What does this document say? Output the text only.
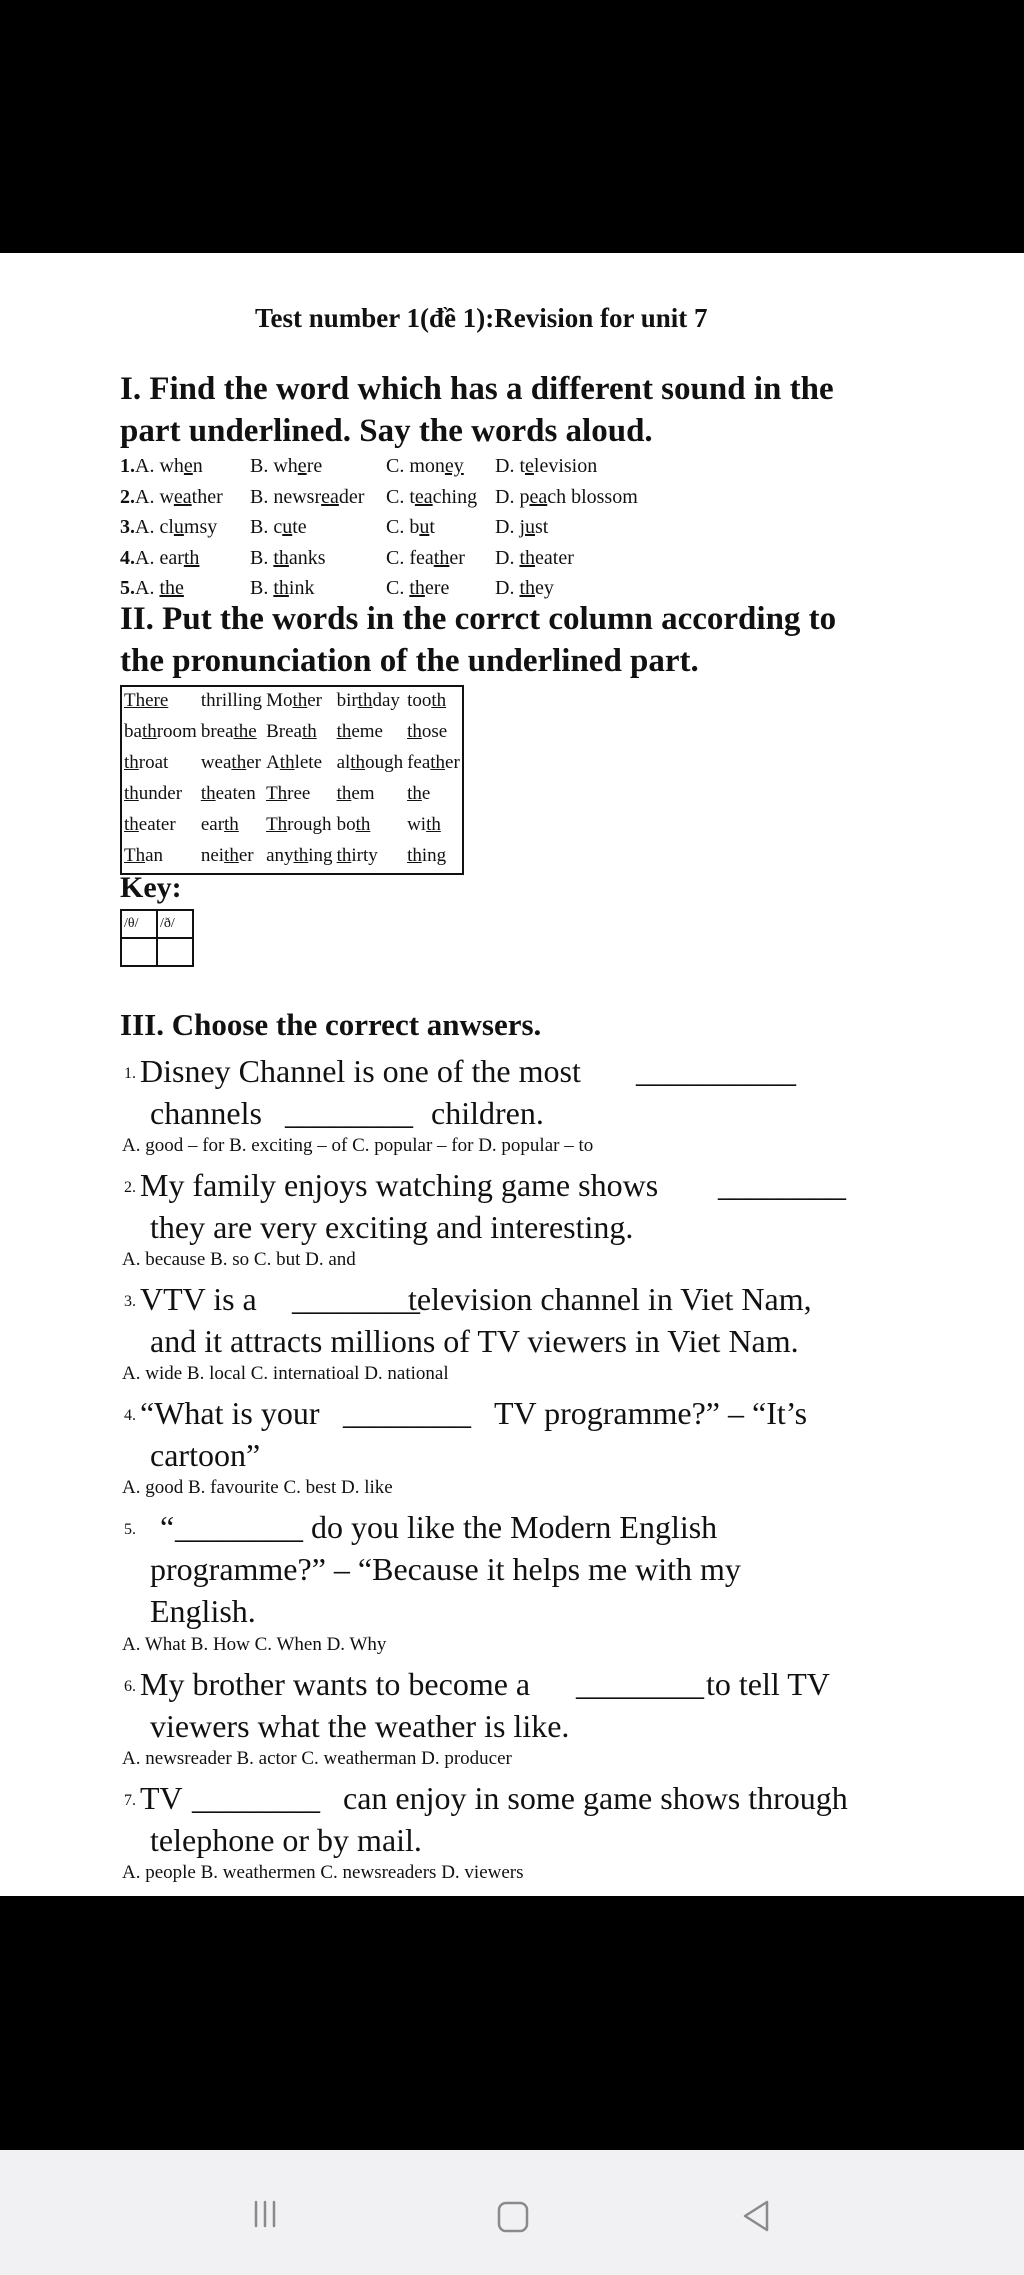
Test number 1(đề 1):Revision for unit 7
I. Find the word which has a different sound in the
part underlined. Say the words aloud.
1. A. when B. where	C. money D. television
2. A. weather B. newsreader C. teaching D. peach blossom
3. A. clumsy B. cute	C. but	D. just
4. A. earth	B. thanks	C. feather D. theater
5. A. the	B. think	C. there D. they
II. Put the words in the corrct column according to
the pronunciation of the underlined part.
There	thrilling	Mother	birthday	tooth
bathroom	breathe	Breath	theme	those
throat	weather	Athlete	although	feather
thunder	theaten	Three	them	the
theater	earth	Through	both	with
Than	neither	anything	thirty	thing
Key:
/θ/	/ð/

III. Choose the correct anwsers.
1. Disney Channel is one of the most __________
channels ________ children.
A. good – for B. exciting – of C. popular – for D. popular – to
2. My family enjoys watching game shows ________
they are very exciting and interesting.
A. because B. so C. but D. and
3. VTV is a ________
television channel in Viet Nam,
and it attracts millions of TV viewers in Viet Nam.
A. wide B. local C. internatioal D. national
4. “What is your ________ TV programme?” – “It’s
cartoon”
A. good B. favourite C. best D. like
5. “ ________ do you like the Modern English
programme?” – “Because it helps me with my
English.
A. What B. How C. When D. Why
6. My brother wants to become a ________ to tell TV
viewers what the weather is like.
A. newsreader B. actor C. weatherman D. producer
7. TV ________ can enjoy in some game shows through
telephone or by mail.
A. people B. weathermen C. newsreaders D. viewers
